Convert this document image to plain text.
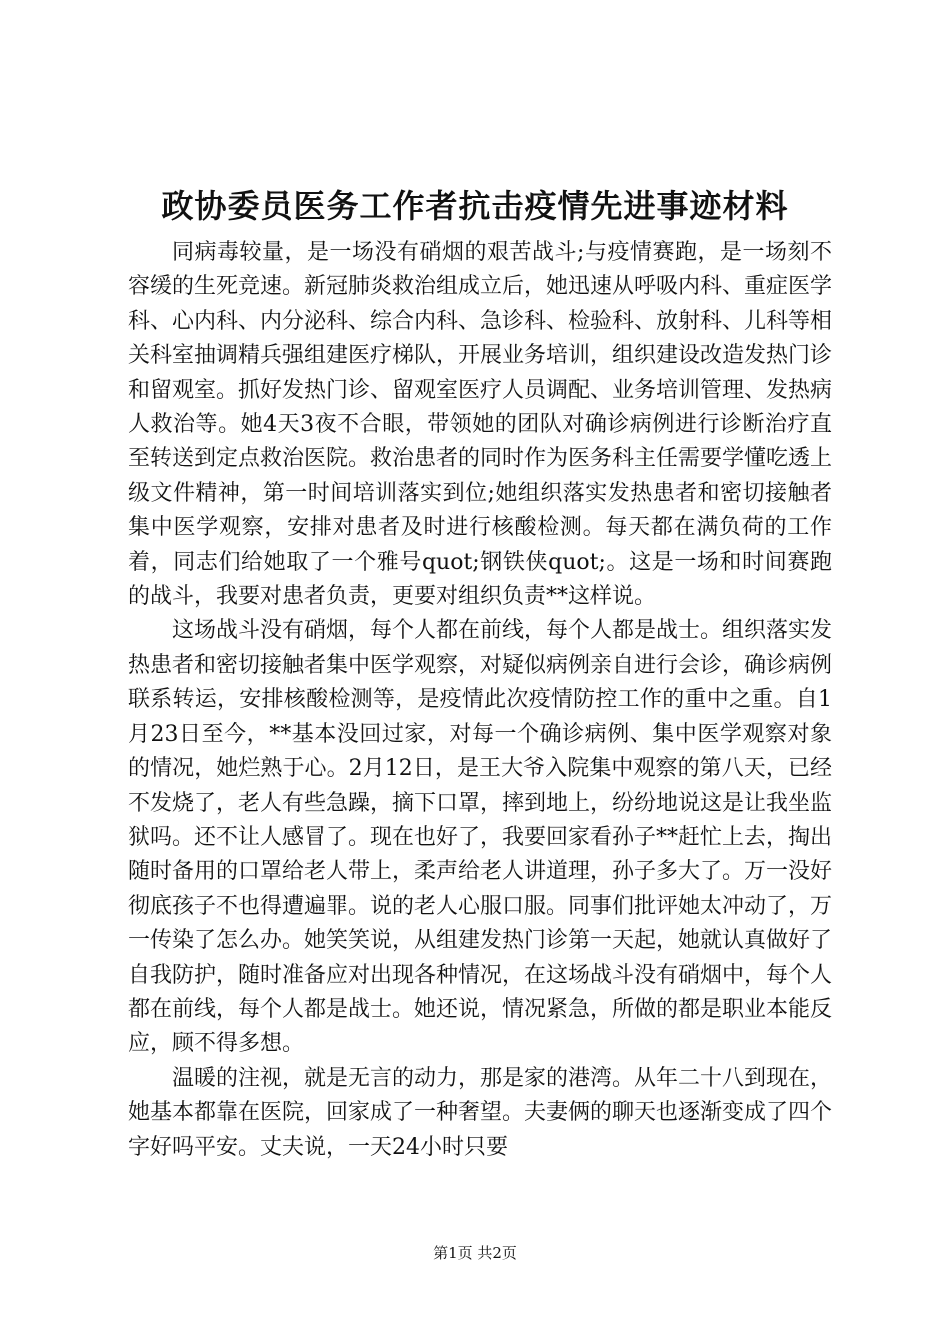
政协委员医务工作者抗击疫情先进事迹材料

同病毒较量，是一场没有硝烟的艰苦战斗;与疫情赛跑，是一场刻不容缓的生死竞速。新冠肺炎救治组成立后，她迅速从呼吸内科、重症医学科、心内科、内分泌科、综合内科、急诊科、检验科、放射科、儿科等相关科室抽调精兵强组建医疗梯队，开展业务培训，组织建设改造发热门诊和留观室。抓好发热门诊、留观室医疗人员调配、业务培训管理、发热病人救治等。她4天3夜不合眼，带领她的团队对确诊病例进行诊断治疗直至转送到定点救治医院。救治患者的同时作为医务科主任需要学懂吃透上级文件精神，第一时间培训落实到位;她组织落实发热患者和密切接触者集中医学观察，安排对患者及时进行核酸检测。每天都在满负荷的工作着，同志们给她取了一个雅号quot;钢铁侠quot;。这是一场和时间赛跑的战斗，我要对患者负责，更要对组织负责**这样说。

这场战斗没有硝烟，每个人都在前线，每个人都是战士。组织落实发热患者和密切接触者集中医学观察，对疑似病例亲自进行会诊，确诊病例联系转运，安排核酸检测等，是疫情此次疫情防控工作的重中之重。自1月23日至今，**基本没回过家，对每一个确诊病例、集中医学观察对象的情况，她烂熟于心。2月12日，是王大爷入院集中观察的第八天，已经不发烧了，老人有些急躁，摘下口罩，摔到地上，纷纷地说这是让我坐监狱吗。还不让人感冒了。现在也好了，我要回家看孙子**赶忙上去，掏出随时备用的口罩给老人带上，柔声给老人讲道理，孙子多大了。万一没好彻底孩子不也得遭遍罪。说的老人心服口服。同事们批评她太冲动了，万一传染了怎么办。她笑笑说，从组建发热门诊第一天起，她就认真做好了自我防护，随时准备应对出现各种情况，在这场战斗没有硝烟中，每个人都在前线，每个人都是战士。她还说，情况紧急，所做的都是职业本能反应，顾不得多想。

温暖的注视，就是无言的动力，那是家的港湾。从年二十八到现在，她基本都靠在医院，回家成了一种奢望。夫妻俩的聊天也逐渐变成了四个字好吗平安。丈夫说，一天24小时只要

第1页 共2页
